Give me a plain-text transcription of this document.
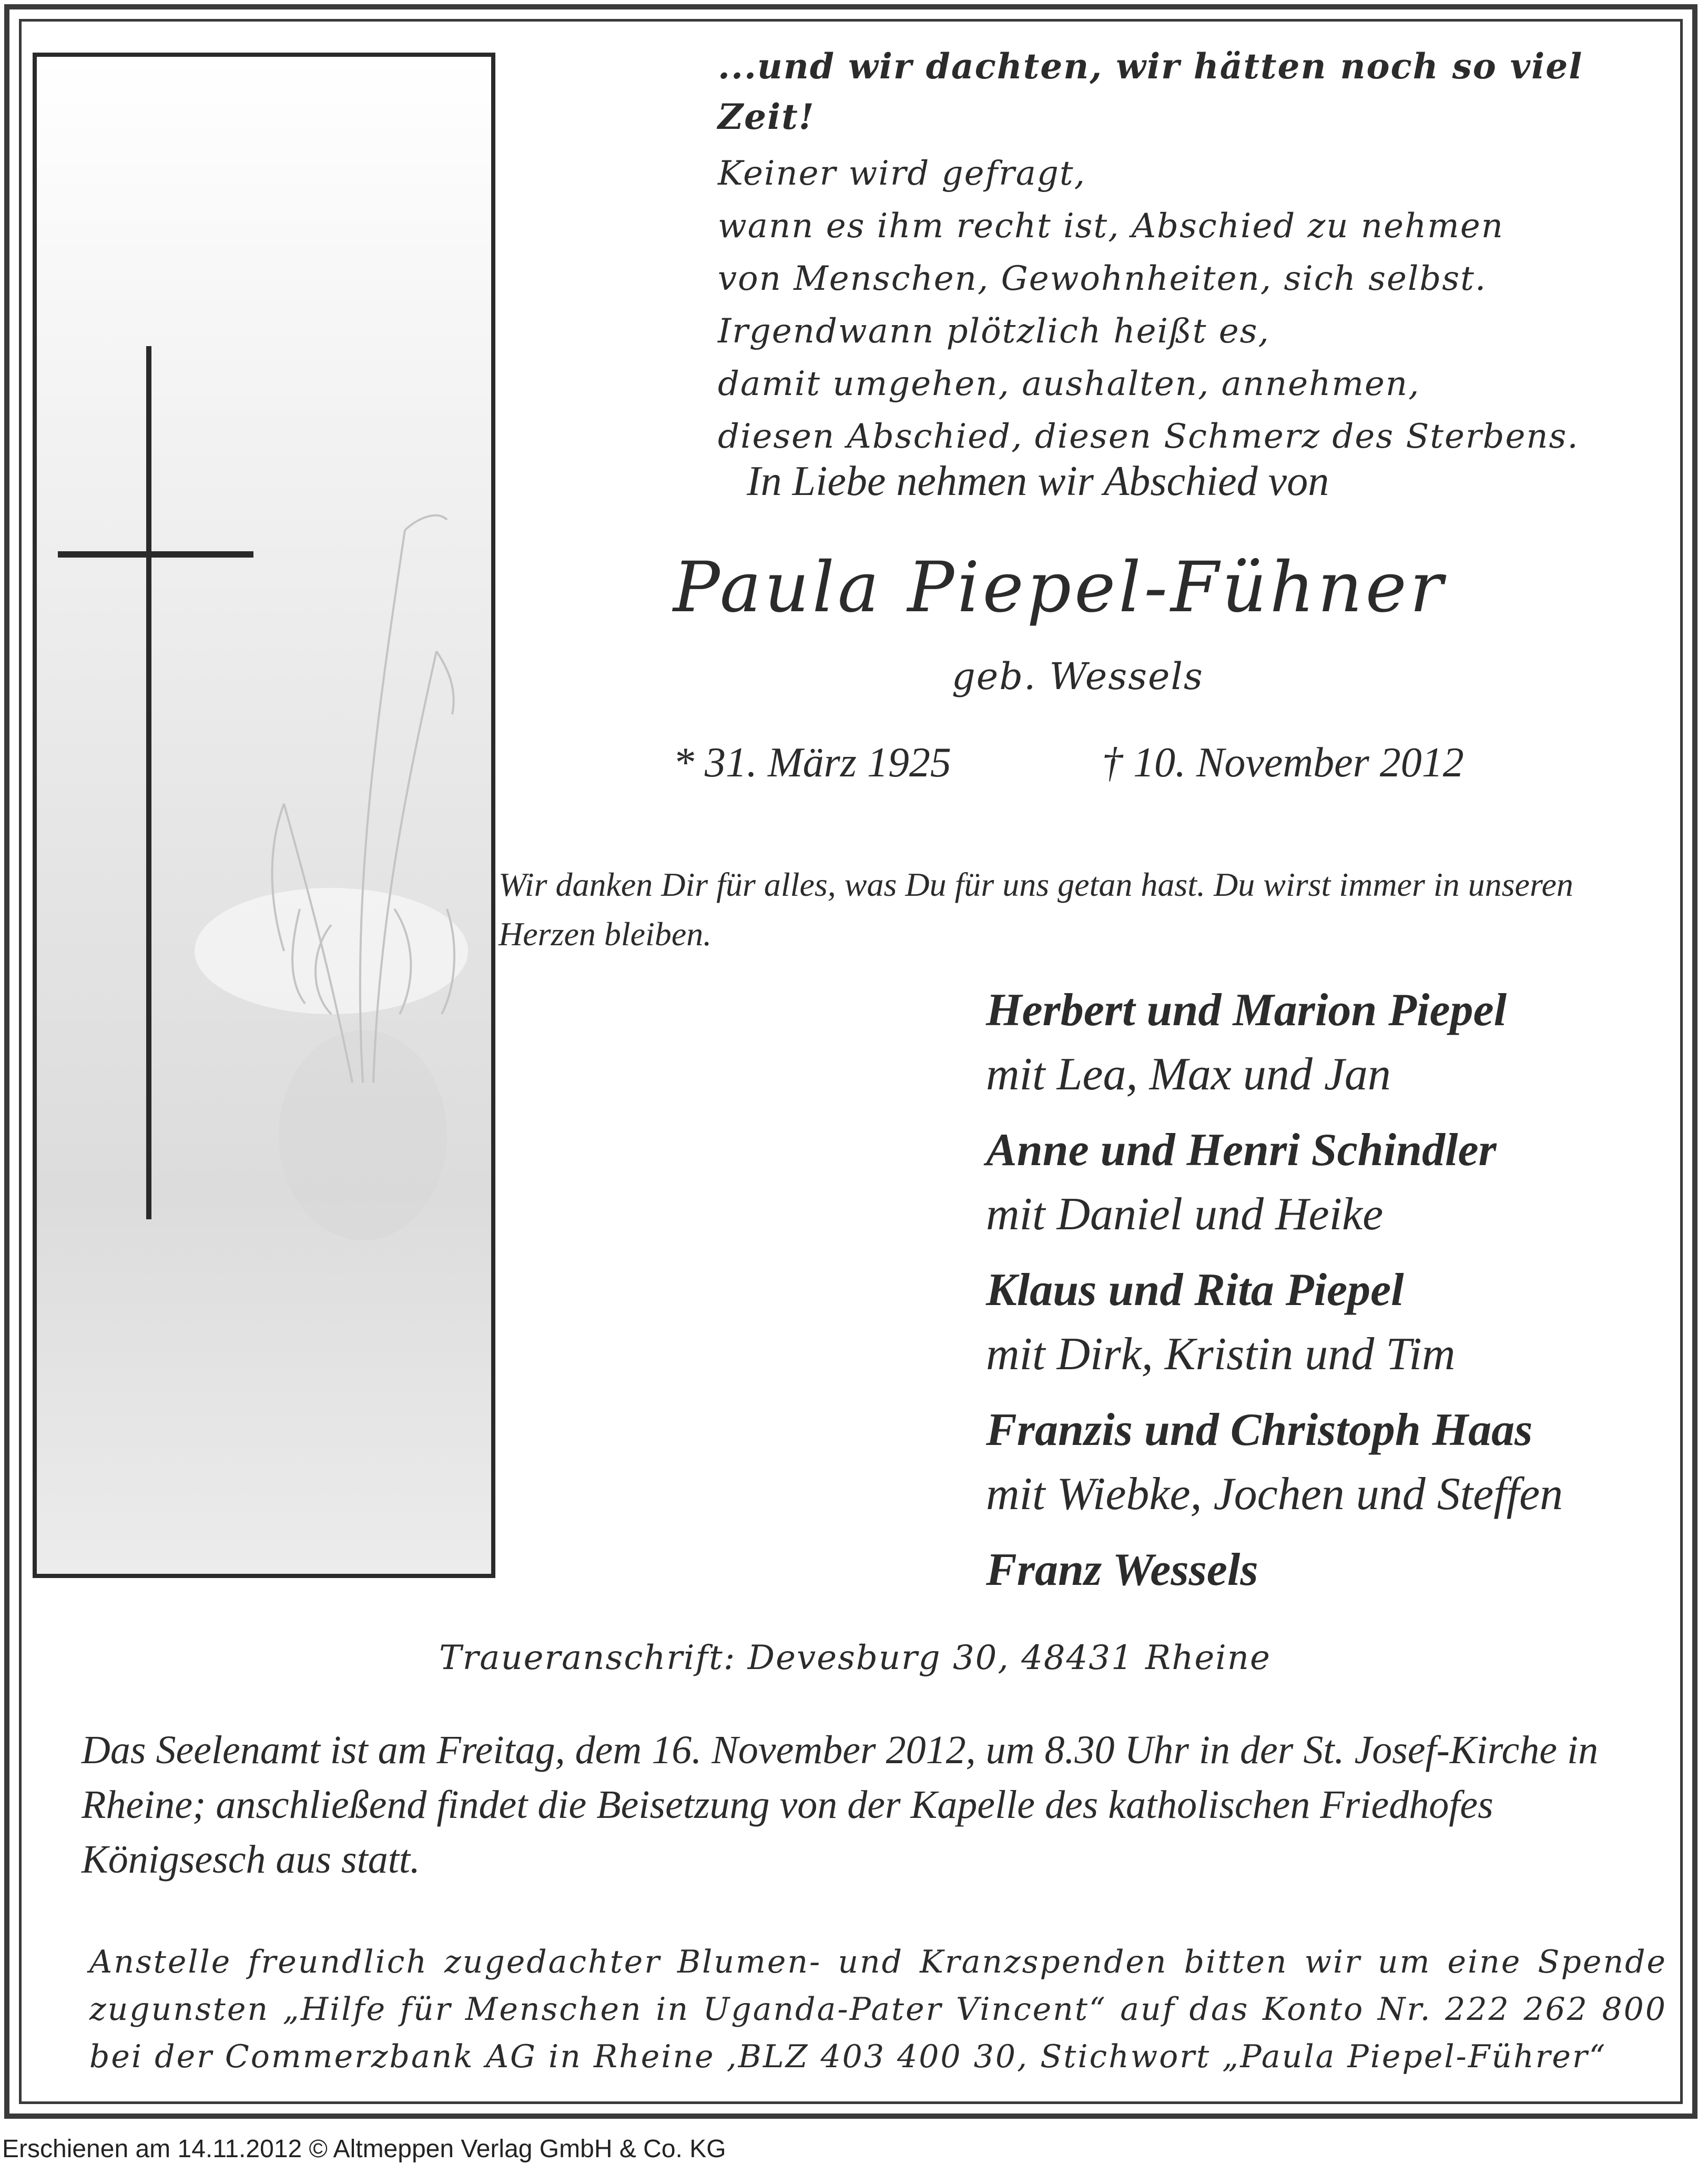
...und wir dachten, wir hätten noch so viel Zeit!
Keiner wird gefragt,
wann es ihm recht ist, Abschied zu nehmen
von Menschen, Gewohnheiten, sich selbst.
Irgendwann plötzlich heißt es,
damit umgehen, aushalten, annehmen,
diesen Abschied, diesen Schmerz des Sterbens.
In Liebe nehmen wir Abschied von
Paula Piepel-Fühner
geb. Wessels
* 31. März 1925	† 10. November 2012
Wir danken Dir für alles, was Du für uns getan hast. Du wirst immer in unseren Herzen bleiben.
Herbert und Marion Piepel
mit Lea, Max und Jan
Anne und Henri Schindler
mit Daniel und Heike
Klaus und Rita Piepel
mit Dirk, Kristin und Tim
Franzis und Christoph Haas
mit Wiebke, Jochen und Steffen
Franz Wessels
Traueranschrift: Devesburg 30, 48431 Rheine
Das Seelenamt ist am Freitag, dem 16. November 2012, um 8.30 Uhr in der St. Josef-Kirche in Rheine; anschließend findet die Beisetzung von der Kapelle des katholischen Friedhofes Königsesch aus statt.
Anstelle freundlich zugedachter Blumen- und Kranzspenden bitten wir um eine Spende zugunsten „Hilfe für Menschen in Uganda-Pater Vincent“ auf das Konto Nr. 222 262 800 bei der Commerzbank AG in Rheine ,BLZ 403 400 30, Stichwort „Paula Piepel-Führer“
Erschienen am 14.11.2012 © Altmeppen Verlag GmbH & Co. KG
